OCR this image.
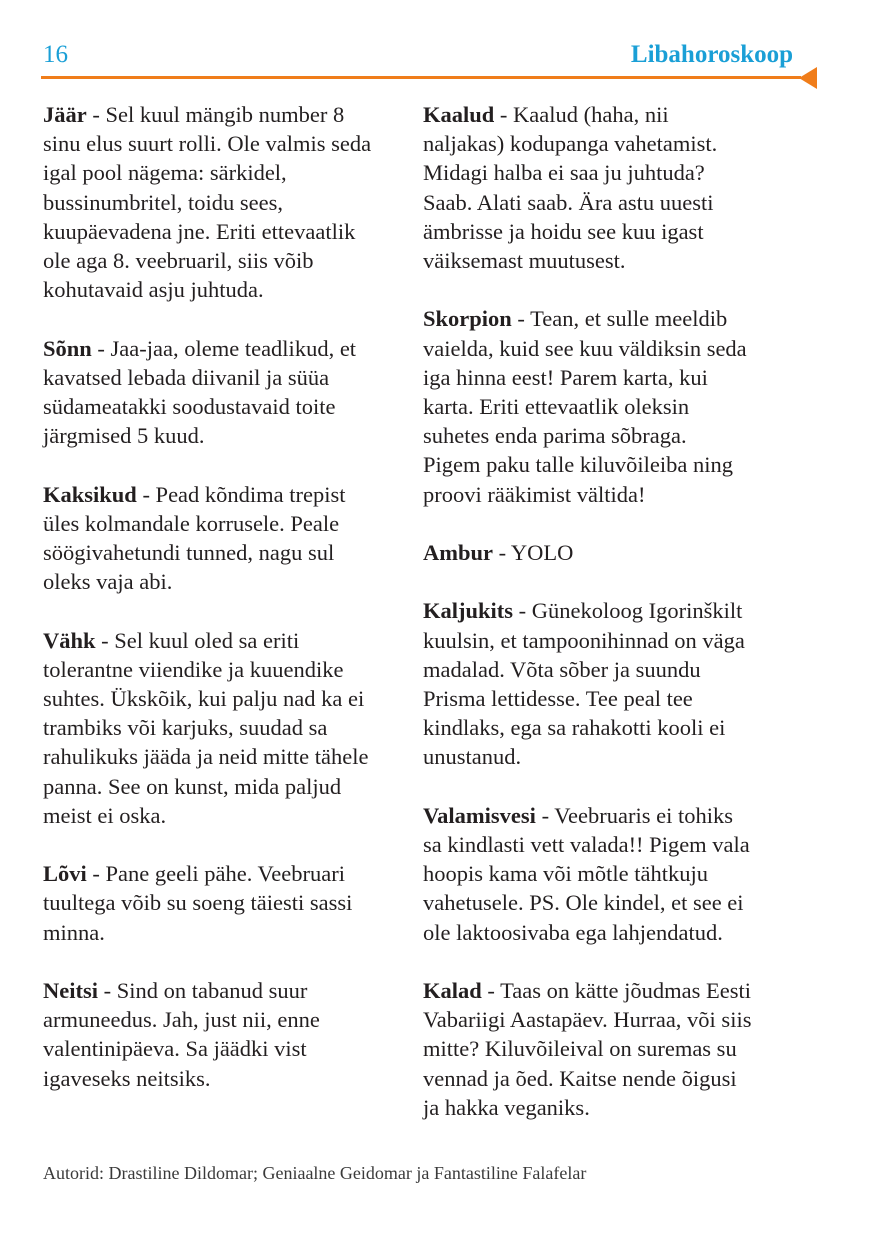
16	Libahoroskoop

Jäär - Sel kuul mängib number 8
sinu elus suurt rolli. Ole valmis seda
igal pool nägema: särkidel,
bussinumbritel, toidu sees,
kuupäevadena jne. Eriti ettevaatlik
ole aga 8. veebruaril, siis võib
kohutavaid asju juhtuda.

Sõnn - Jaa-jaa, oleme teadlikud, et
kavatsed lebada diivanil ja süüa
südameatakki soodustavaid toite
järgmised 5 kuud.

Kaksikud - Pead kõndima trepist
üles kolmandale korrusele. Peale
söögivahetundi tunned, nagu sul
oleks vaja abi.

Vähk - Sel kuul oled sa eriti
tolerantne viiendike ja kuuendike
suhtes. Ükskõik, kui palju nad ka ei
trambiks või karjuks, suudad sa
rahulikuks jääda ja neid mitte tähele
panna. See on kunst, mida paljud
meist ei oska.

Lõvi - Pane geeli pähe. Veebruari
tuultega võib su soeng täiesti sassi
minna.

Neitsi - Sind on tabanud suur
armuneedus. Jah, just nii, enne
valentinipäeva. Sa jäädki vist
igaveseks neitsiks.

Kaalud - Kaalud (haha, nii
naljakas) kodupanga vahetamist.
Midagi halba ei saa ju juhtuda?
Saab. Alati saab. Ära astu uuesti
ämbrisse ja hoidu see kuu igast
väiksemast muutusest.

Skorpion - Tean, et sulle meeldib
vaielda, kuid see kuu väldiksin seda
iga hinna eest! Parem karta, kui
karta. Eriti ettevaatlik oleksin
suhetes enda parima sõbraga.
Pigem paku talle kiluvõileiba ning
proovi rääkimist vältida!

Ambur - YOLO

Kaljukits - Günekoloog Igorinškilt
kuulsin, et tampoonihinnad on väga
madalad. Võta sõber ja suundu
Prisma lettidesse. Tee peal tee
kindlaks, ega sa rahakotti kooli ei
unustanud.

Valamisvesi - Veebruaris ei tohiks
sa kindlasti vett valada!! Pigem vala
hoopis kama või mõtle tähtkuju
vahetusele. PS. Ole kindel, et see ei
ole laktoosivaba ega lahjendatud.

Kalad - Taas on kätte jõudmas Eesti
Vabariigi Aastapäev. Hurraa, või siis
mitte? Kiluvõileival on suremas su
vennad ja õed. Kaitse nende õigusi
ja hakka veganiks.

Autorid: Drastiline Dildomar; Geniaalne Geidomar ja Fantastiline Falafelar
